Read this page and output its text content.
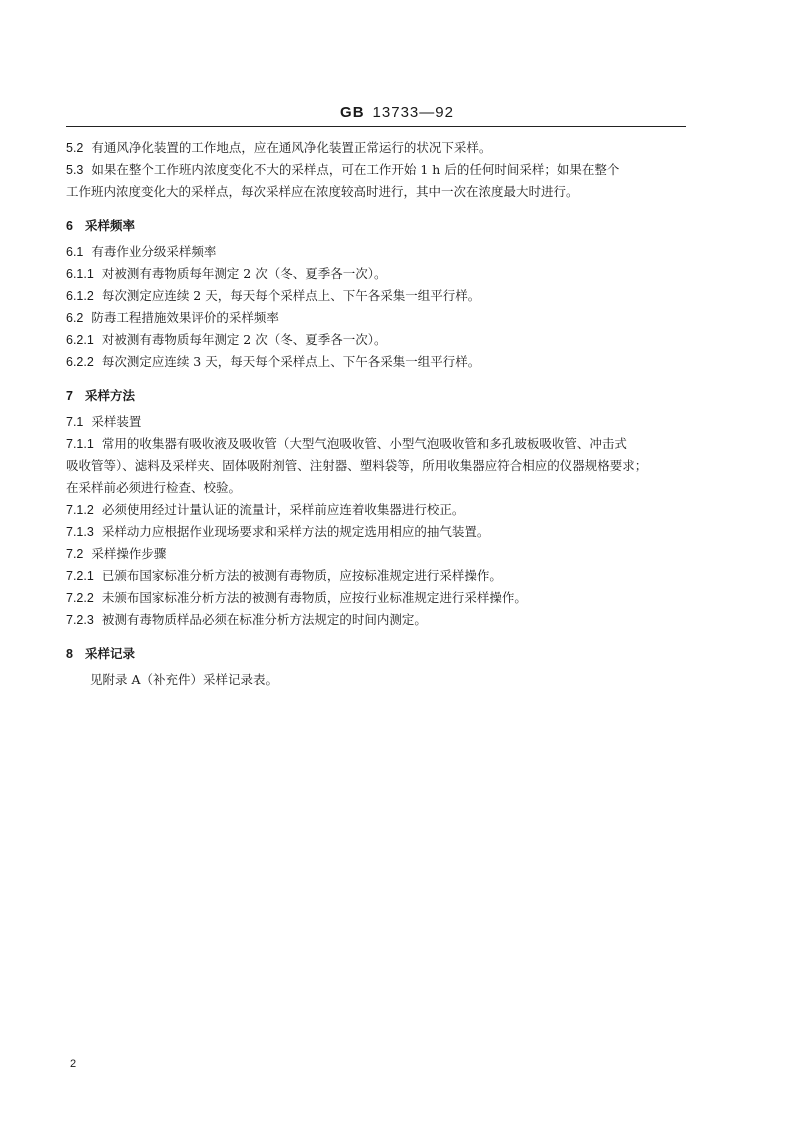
GB 13733—92
5.2 有通风净化装置的工作地点，应在通风净化装置正常运行的状况下采样。
5.3 如果在整个工作班内浓度变化不大的采样点，可在工作开始 1 h 后的任何时间采样；如果在整个
工作班内浓度变化大的采样点，每次采样应在浓度较高时进行，其中一次在浓度最大时进行。
6 采样频率
6.1 有毒作业分级采样频率
6.1.1 对被测有毒物质每年测定 2 次（冬、夏季各一次）。
6.1.2 每次测定应连续 2 天，每天每个采样点上、下午各采集一组平行样。
6.2 防毒工程措施效果评价的采样频率
6.2.1 对被测有毒物质每年测定 2 次（冬、夏季各一次）。
6.2.2 每次测定应连续 3 天，每天每个采样点上、下午各采集一组平行样。
7 采样方法
7.1 采样装置
7.1.1 常用的收集器有吸收液及吸收管（大型气泡吸收管、小型气泡吸收管和多孔玻板吸收管、冲击式
吸收管等）、滤料及采样夹、固体吸附剂管、注射器、塑料袋等，所用收集器应符合相应的仪器规格要求；
在采样前必须进行检查、校验。
7.1.2 必须使用经过计量认证的流量计，采样前应连着收集器进行校正。
7.1.3 采样动力应根据作业现场要求和采样方法的规定选用相应的抽气装置。
7.2 采样操作步骤
7.2.1 已颁布国家标准分析方法的被测有毒物质，应按标准规定进行采样操作。
7.2.2 未颁布国家标准分析方法的被测有毒物质，应按行业标准规定进行采样操作。
7.2.3 被测有毒物质样品必须在标准分析方法规定的时间内测定。
8 采样记录
见附录 A（补充件）采样记录表。
2
